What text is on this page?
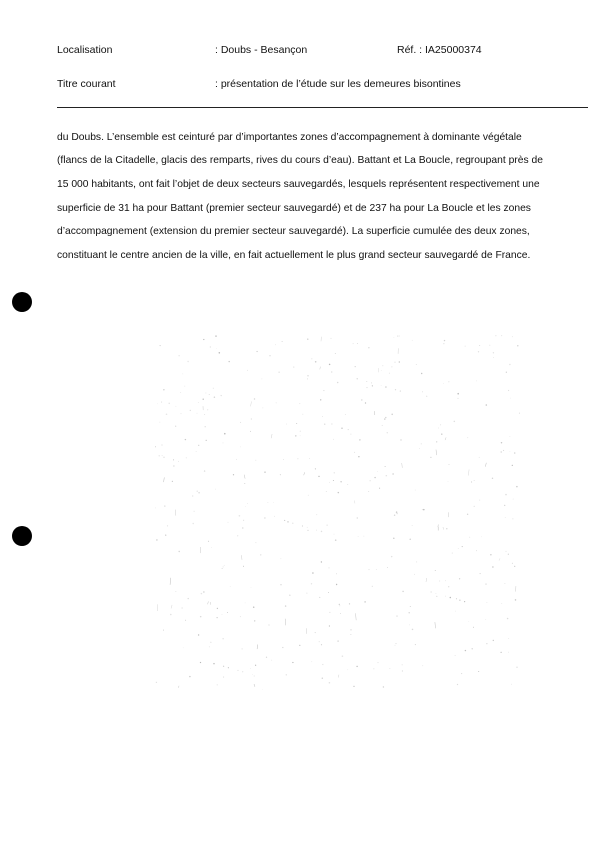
Localisation	: Doubs - Besançon	Réf. : IA25000374
Titre courant	: présentation de l’étude sur les demeures bisontines

du Doubs. L’ensemble est ceinturé par d’importantes zones d’accompagnement à dominante végétale

(flancs de la Citadelle, glacis des remparts, rives du cours d’eau). Battant et La Boucle, regroupant près de

15 000 habitants, ont fait l’objet de deux secteurs sauvegardés, lesquels représentent respectivement une

superficie de 31 ha pour Battant (premier secteur sauvegardé) et de 237 ha pour La Boucle et les zones

d’accompagnement (extension du premier secteur sauvegardé). La superficie cumulée des deux zones,

constituant le centre ancien de la ville, en fait actuellement le plus grand secteur sauvegardé de France.
